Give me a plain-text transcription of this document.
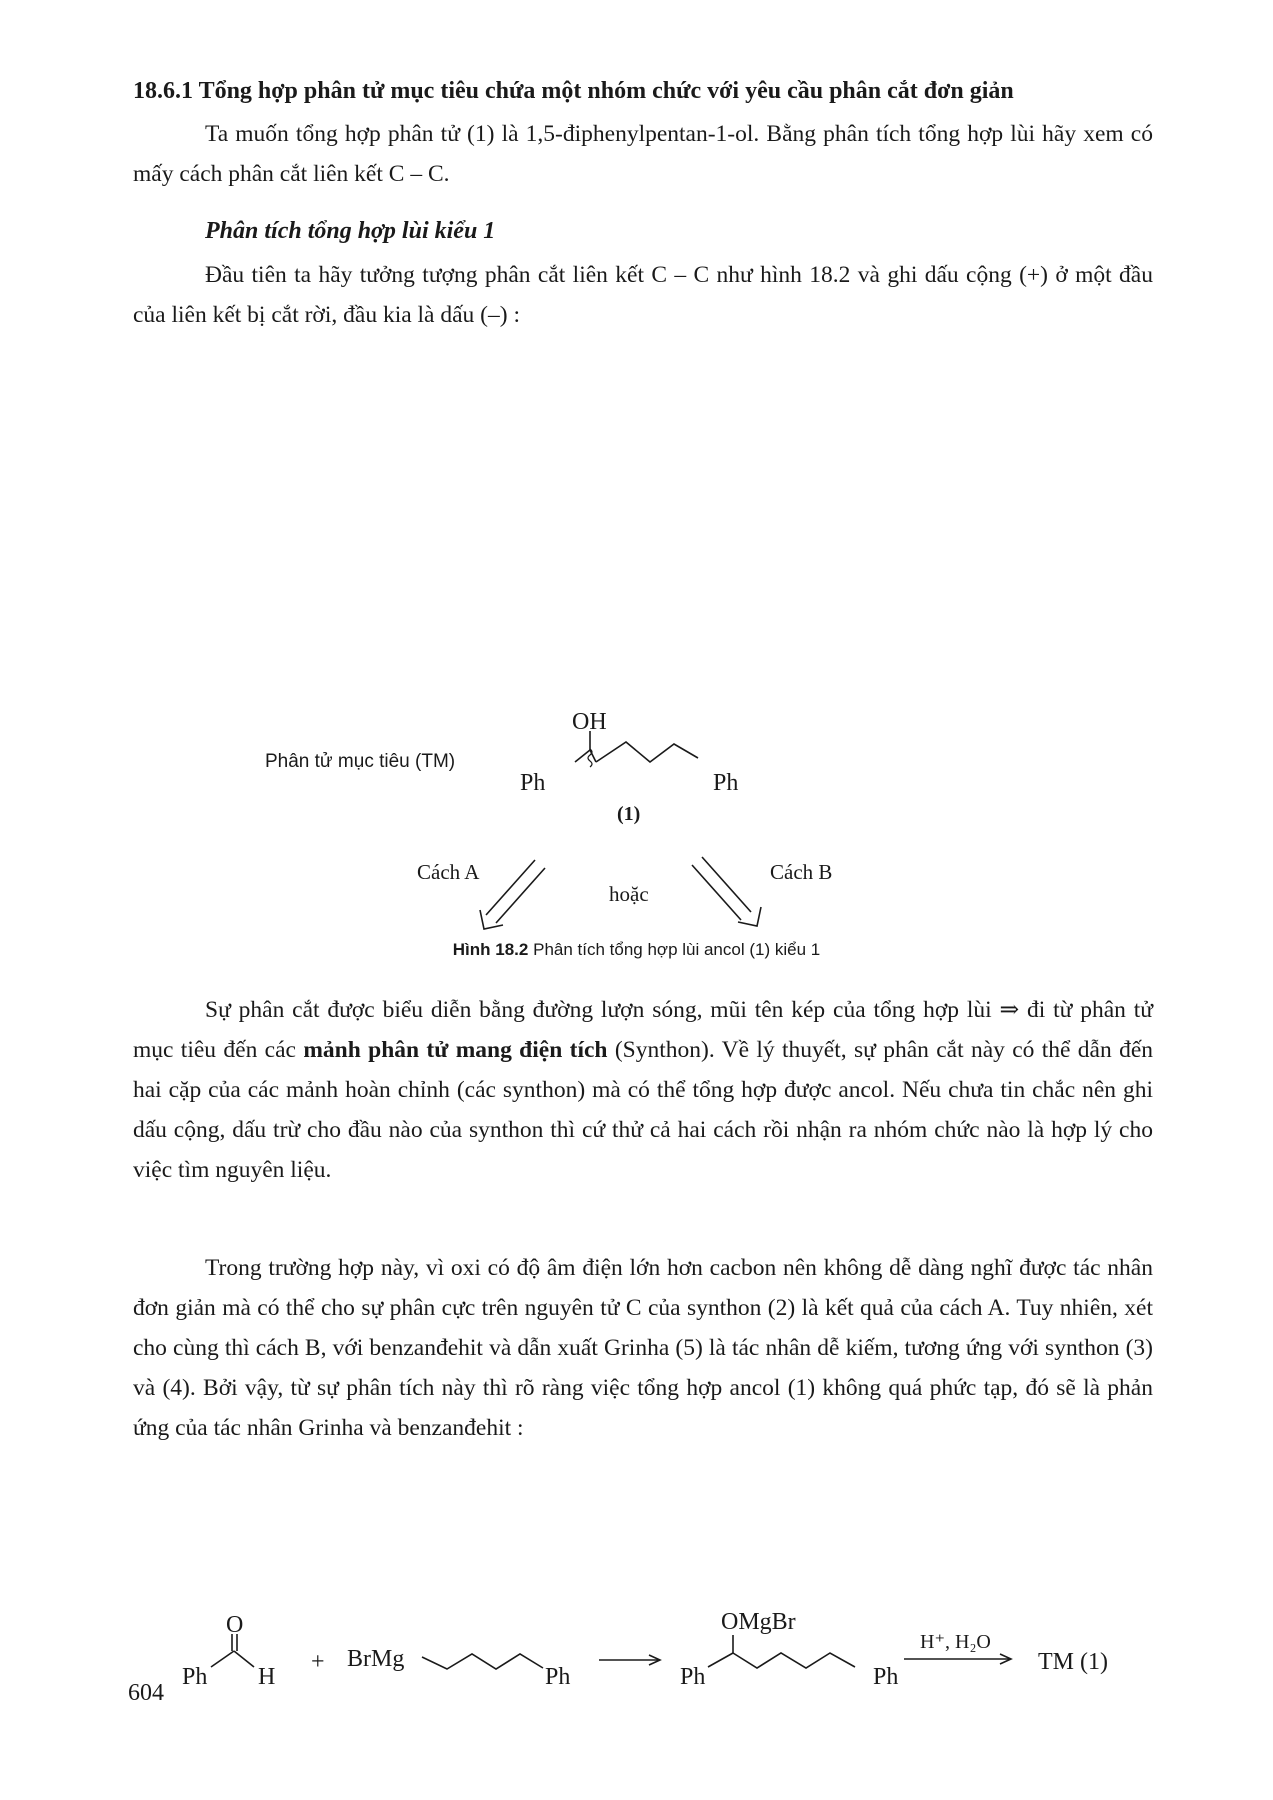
18.6.1 Tổng hợp phân tử mục tiêu chứa một nhóm chức với yêu cầu phân cắt đơn giản
Ta muốn tổng hợp phân tử (1) là 1,5-điphenylpentan-1-ol. Bằng phân tích tổng hợp lùi hãy xem có mấy cách phân cắt liên kết C – C.
Phân tích tổng hợp lùi kiểu 1
Đầu tiên ta hãy tưởng tượng phân cắt liên kết C – C như hình 18.2 và ghi dấu cộng (+) ở một đầu của liên kết bị cắt rời, đầu kia là dấu (–) :
Phân tử mục tiêu (TM)
OH
Ph	Ph
(1)
Cách A
hoặc
Cách B
Hình 18.2 Phân tích tổng hợp lùi ancol (1) kiểu 1
Sự phân cắt được biểu diễn bằng đường lượn sóng, mũi tên kép của tổng hợp lùi ⇒ đi từ phân tử mục tiêu đến các mảnh phân tử mang điện tích (Synthon). Về lý thuyết, sự phân cắt này có thể dẫn đến hai cặp của các mảnh hoàn chỉnh (các synthon) mà có thể tổng hợp được ancol. Nếu chưa tin chắc nên ghi dấu cộng, dấu trừ cho đầu nào của synthon thì cứ thử cả hai cách rồi nhận ra nhóm chức nào là hợp lý cho việc tìm nguyên liệu.
Trong trường hợp này, vì oxi có độ âm điện lớn hơn cacbon nên không dễ dàng nghĩ được tác nhân đơn giản mà có thể cho sự phân cực trên nguyên tử C của synthon (2) là kết quả của cách A. Tuy nhiên, xét cho cùng thì cách B, với benzanđehit và dẫn xuất Grinha (5) là tác nhân dễ kiếm, tương ứng với synthon (3) và (4). Bởi vậy, từ sự phân tích này thì rõ ràng việc tổng hợp ancol (1) không quá phức tạp, đó sẽ là phản ứng của tác nhân Grinha và benzanđehit :
O
Ph H
+ BrMg
Ph
OMgBr
Ph	Ph
H⁺, H₂O
TM (1)
604
